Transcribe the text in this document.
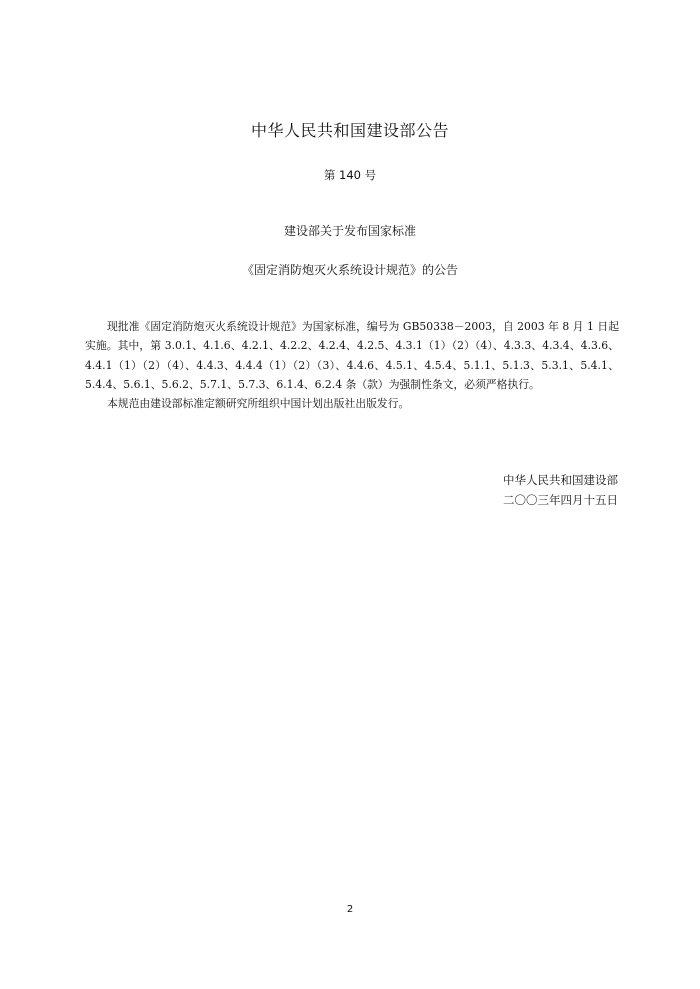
中华人民共和国建设部公告
第 140 号
建设部关于发布国家标准
《固定消防炮灭火系统设计规范》的公告

现批准《固定消防炮灭火系统设计规范》为国家标准，编号为 GB50338－2003，自 2003 年 8 月 1 日起实施。其中，第 3.0.1、4.1.6、4.2.1、4.2.2、4.2.4、4.2.5、4.3.1（1）（2）（4）、4.3.3、4.3.4、4.3.6、4.4.1（1）（2）（4）、4.4.3、4.4.4（1）（2）（3）、4.4.6、4.5.1、4.5.4、5.1.1、5.1.3、5.3.1、5.4.1、5.4.4、5.6.1、5.6.2、5.7.1、5.7.3、6.1.4、6.2.4 条（款）为强制性条文，必须严格执行。

本规范由建设部标准定额研究所组织中国计划出版社出版发行。

中华人民共和国建设部
二〇〇三年四月十五日
2
